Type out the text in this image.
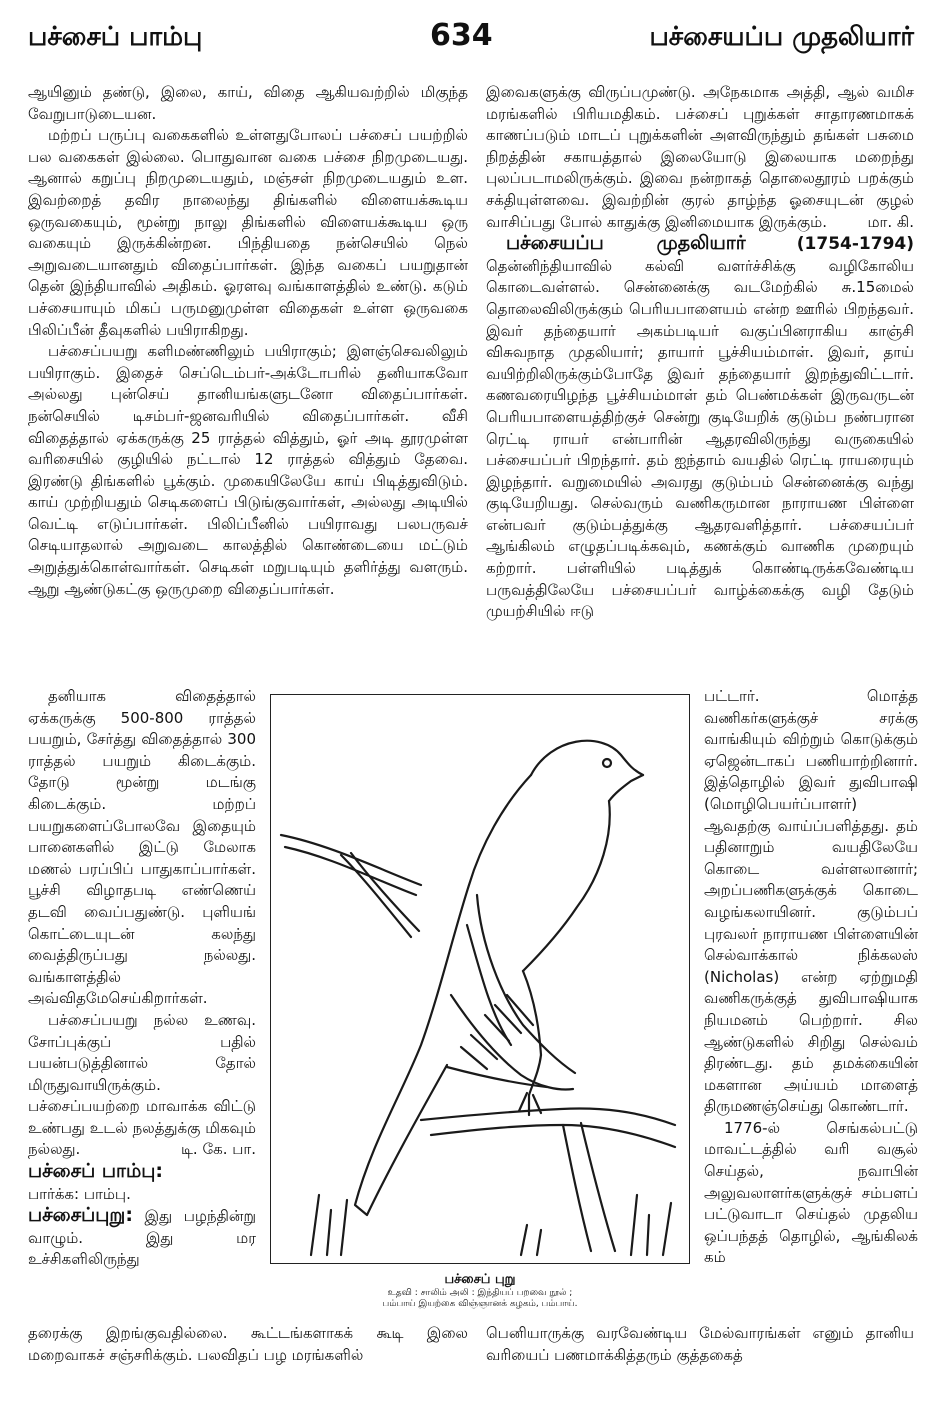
பச்சைப் பாம்பு	634	பச்சையப்ப முதலியார்

ஆயினும் தண்டு, இலை, காய், விதை ஆகியவற்றில் மிகுந்த வேறுபாடுடையன.

மற்றப் பருப்பு வகைகளில் உள்ளதுபோலப் பச்சைப் பயற்றில் பல வகைகள் இல்லை. பொதுவான வகை பச்சை நிறமுடையது. ஆனால் கறுப்பு நிறமுடையதும், மஞ்சள் நிறமுடையதும் உள. இவற்றைத் தவிர நாலைந்து திங்களில் விளையக்கூடிய ஒருவகையும், மூன்று நாலு திங்களில் விளையக்கூடிய ஒரு வகையும் இருக்கின்றன. பிந்தியதை நன்செயில் நெல் அறுவடையானதும் விதைப்பார்கள். இந்த வகைப் பயறுதான் தென் இந்தியாவில் அதிகம். ஓரளவு வங்காளத்தில் உண்டு. கடும் பச்சையாயும் மிகப் பருமனுமுள்ள விதைகள் உள்ள ஒருவகை பிலிப்பீன் தீவுகளில் பயிராகிறது.

பச்சைப்பயறு களிமண்ணிலும் பயிராகும்; இளஞ்செவலிலும் பயிராகும். இதைச் செப்டெம்பர்-அக்டோபரில் தனியாகவோ அல்லது புன்செய் தானியங்களுடனோ விதைப்பார்கள். நன்செயில் டிசம்பர்-ஜனவரியில் விதைப்பார்கள். வீசி விதைத்தால் ஏக்கருக்கு 25 ராத்தல் வித்தும், ஓர் அடி தூரமுள்ள வரிசையில் குழியில் நட்டால் 12 ராத்தல் வித்தும் தேவை. இரண்டு திங்களில் பூக்கும். முகையிலேயே காய் பிடித்துவிடும். காய் முற்றியதும் செடிகளைப் பிடுங்குவார்கள், அல்லது அடியில் வெட்டி எடுப்பார்கள். பிலிப்பீனில் பயிராவது பலபருவச் செடியாதலால் அறுவடை காலத்தில் கொண்டையை மட்டும் அறுத்துக்கொள்வார்கள். செடிகள் மறுபடியும் தளிர்த்து வளரும். ஆறு ஆண்டுகட்கு ஒருமுறை விதைப்பார்கள்.

தனியாக விதைத்தால் ஏக்கருக்கு 500-800 ராத்தல் பயறும், சேர்த்து விதைத்தால் 300 ராத்தல் பயறும் கிடைக்கும். தோடு மூன்று மடங்கு கிடைக்கும். மற்றப் பயறுகளைப்போலவே இதையும் பானைகளில் இட்டு மேலாக மணல் பரப்பிப் பாதுகாப்பார்கள். பூச்சி விழாதபடி எண்ணெய் தடவி வைப்பதுண்டு. புளியங் கொட்டையுடன் கலந்து வைத்திருப்பது நல்லது. வங்காளத்தில் அவ்விதமேசெய்கிறார்கள்.

பச்சைப்பயறு நல்ல உணவு. சோப்புக்குப் பதில் பயன்படுத்தினால் தோல் மிருதுவாயிருக்கும். பச்சைப்பயற்றை மாவாக்க விட்டு உண்பது உடல் நலத்துக்கு மிகவும் நல்லது.	டி. கே. பா.

பச்சைப் பாம்பு:

பார்க்க: பாம்பு.

பச்சைப்புறு: இது பழந்தின்று வாழும். இது மர உச்சிகளிலிருந்து

இவைகளுக்கு விருப்பமுண்டு. அநேகமாக அத்தி, ஆல் வமிச மரங்களில் பிரியமதிகம். பச்சைப் புறுக்கள் சாதாரணமாகக் காணப்படும் மாடப் புறுக்களின் அளவிருந்தும் தங்கள் பசுமை நிறத்தின் சகாயத்தால் இலையோடு இலையாக மறைந்து புலப்படாமலிருக்கும். இவை நன்றாகத் தொலைதூரம் பறக்கும் சக்தியுள்ளவை. இவற்றின் குரல் தாழ்ந்த ஓசையுடன் குழல் வாசிப்பது போல் காதுக்கு இனிமையாக இருக்கும்.	மா. கி.

பச்சையப்ப முதலியார்	(1754-1794) தென்னிந்தியாவில் கல்வி வளர்ச்சிக்கு வழிகோலிய கொடைவள்ளல். சென்னைக்கு வடமேற்கில் சு.15மைல் தொலைவிலிருக்கும் பெரியபாளையம் என்ற ஊரில் பிறந்தவர். இவர் தந்தையார் அகம்படியர் வகுப்பினராகிய காஞ்சி விசுவநாத முதலியார்; தாயார் பூச்சியம்மாள். இவர், தாய் வயிற்றிலிருக்கும்போதே இவர் தந்தையார் இறந்துவிட்டார். கணவரையிழந்த பூச்சியம்மாள் தம் பெண்மக்கள் இருவருடன் பெரியபாளையத்திற்குச் சென்று குடியேறிக் குடும்ப நண்பரான ரெட்டி ராயர் என்பாரின் ஆதரவிலிருந்து வருகையில் பச்சையப்பர் பிறந்தார். தம் ஐந்தாம் வயதில் ரெட்டி ராயரையும் இழந்தார். வறுமையில் அவரது குடும்பம் சென்னைக்கு வந்து குடியேறியது. செல்வரும் வணிகருமான நாராயண பிள்ளை என்பவர் குடும்பத்துக்கு ஆதரவளித்தார். பச்சையப்பர் ஆங்கிலம் எழுதப்படிக்கவும், கணக்கும் வாணிக முறையும் கற்றார். பள்ளியில் படித்துக் கொண்டிருக்கவேண்டிய பருவத்திலேயே பச்சையப்பர் வாழ்க்கைக்கு வழி தேடும் முயற்சியில் ஈடு

பட்டார். மொத்த வணிகர்களுக்குச் சரக்கு வாங்கியும் விற்றும் கொடுக்கும் ஏஜென்டாகப் பணியாற்றினார். இத்தொழில் இவர் துவிபாஷி (மொழிபெயர்ப்பாளர்) ஆவதற்கு வாய்ப்பளித்தது. தம் பதினாறும் வயதிலேயே கொடை வள்ளலானார்; அறப்பணிகளுக்குக் கொடை வழங்கலாயினர். குடும்பப் புரவலர் நாராயண பிள்ளையின் செல்வாக்கால் நிக்கலஸ் (Nicholas) என்ற ஏற்றுமதி வணிகருக்குத் துவிபாஷியாக நியமனம் பெற்றார். சில ஆண்டுகளில் சிறிது செல்வம் திரண்டது. தம் தமக்கையின் மகளான அய்யம் மாளைத் திருமணஞ்செய்து கொண்டார்.

1776-ல் செங்கல்பட்டு மாவட்டத்தில் வரி வசூல் செய்தல், நவாபின் அலுவலாளர்களுக்குச் சம்பளப் பட்டுவாடா செய்தல் முதலிய ஒப்பந்தத் தொழில், ஆங்கிலக் கம்

பச்சைப் புறு
உதவி : சாலிம் அலி : இந்தியப் பறவை நூல் ;
பம்பாய் இயற்கை விஞ்ஞானக் கழகம், பம்பாய்.

தரைக்கு இறங்குவதில்லை. கூட்டங்களாகக் கூடி இலை மறைவாகச் சஞ்சரிக்கும். பலவிதப் பழ மரங்களில்

பெனியாருக்கு வரவேண்டிய மேல்வாரங்கள் எனும் தானிய வரியைப் பணமாக்கித்தரும் குத்தகைத்
